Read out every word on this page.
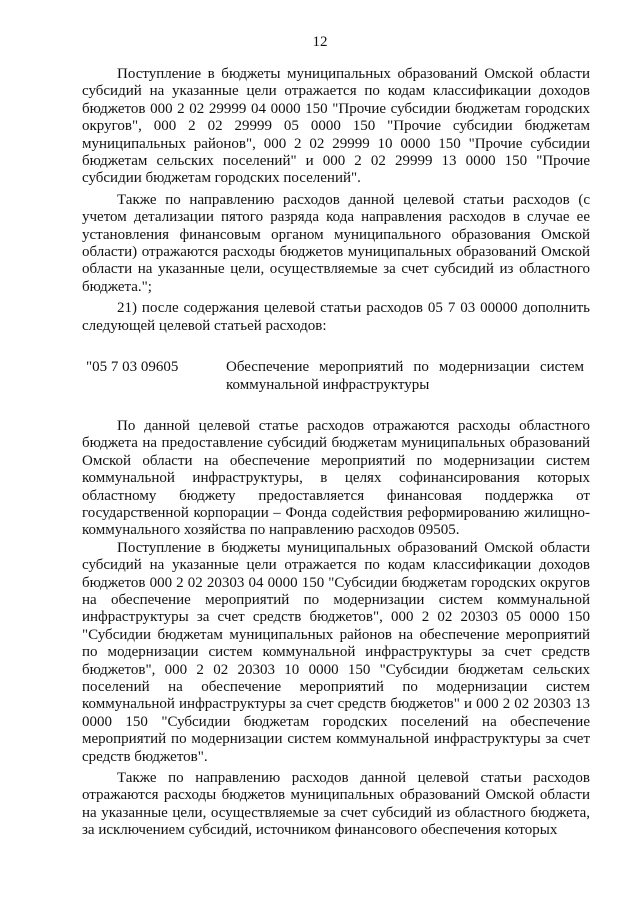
12

Поступление в бюджеты муниципальных образований Омской области субсидий на указанные цели отражается по кодам классификации доходов бюджетов 000 2 02 29999 04 0000 150 "Прочие субсидии бюджетам городских округов", 000 2 02 29999 05 0000 150 "Прочие субсидии бюджетам муниципальных районов", 000 2 02 29999 10 0000 150 "Прочие субсидии бюджетам сельских поселений" и 000 2 02 29999 13 0000 150 "Прочие субсидии бюджетам городских поселений".

Также по направлению расходов данной целевой статьи расходов (с учетом детализации пятого разряда кода направления расходов в случае ее установления финансовым органом муниципального образования Омской области) отражаются расходы бюджетов муниципальных образований Омской области на указанные цели, осуществляемые за счет субсидий из областного бюджета.";

21) после содержания целевой статьи расходов 05 7 03 00000 дополнить следующей целевой статьей расходов:

"05 7 03 09605	Обеспечение мероприятий по модернизации систем коммунальной инфраструктуры

По данной целевой статье расходов отражаются расходы областного бюджета на предоставление субсидий бюджетам муниципальных образований Омской области на обеспечение мероприятий по модернизации систем коммунальной инфраструктуры, в целях софинансирования которых областному бюджету предоставляется финансовая поддержка от государственной корпорации – Фонда содействия реформированию жилищно-коммунального хозяйства по направлению расходов 09505.

Поступление в бюджеты муниципальных образований Омской области субсидий на указанные цели отражается по кодам классификации доходов бюджетов 000 2 02 20303 04 0000 150 "Субсидии бюджетам городских округов на обеспечение мероприятий по модернизации систем коммунальной инфраструктуры за счет средств бюджетов", 000 2 02 20303 05 0000 150 "Субсидии бюджетам муниципальных районов на обеспечение мероприятий по модернизации систем коммунальной инфраструктуры за счет средств бюджетов", 000 2 02 20303 10 0000 150 "Субсидии бюджетам сельских поселений на обеспечение мероприятий по модернизации систем коммунальной инфраструктуры за счет средств бюджетов" и 000 2 02 20303 13 0000 150 "Субсидии бюджетам городских поселений на обеспечение мероприятий по модернизации систем коммунальной инфраструктуры за счет средств бюджетов".

Также по направлению расходов данной целевой статьи расходов отражаются расходы бюджетов муниципальных образований Омской области на указанные цели, осуществляемые за счет субсидий из областного бюджета, за исключением субсидий, источником финансового обеспечения которых
